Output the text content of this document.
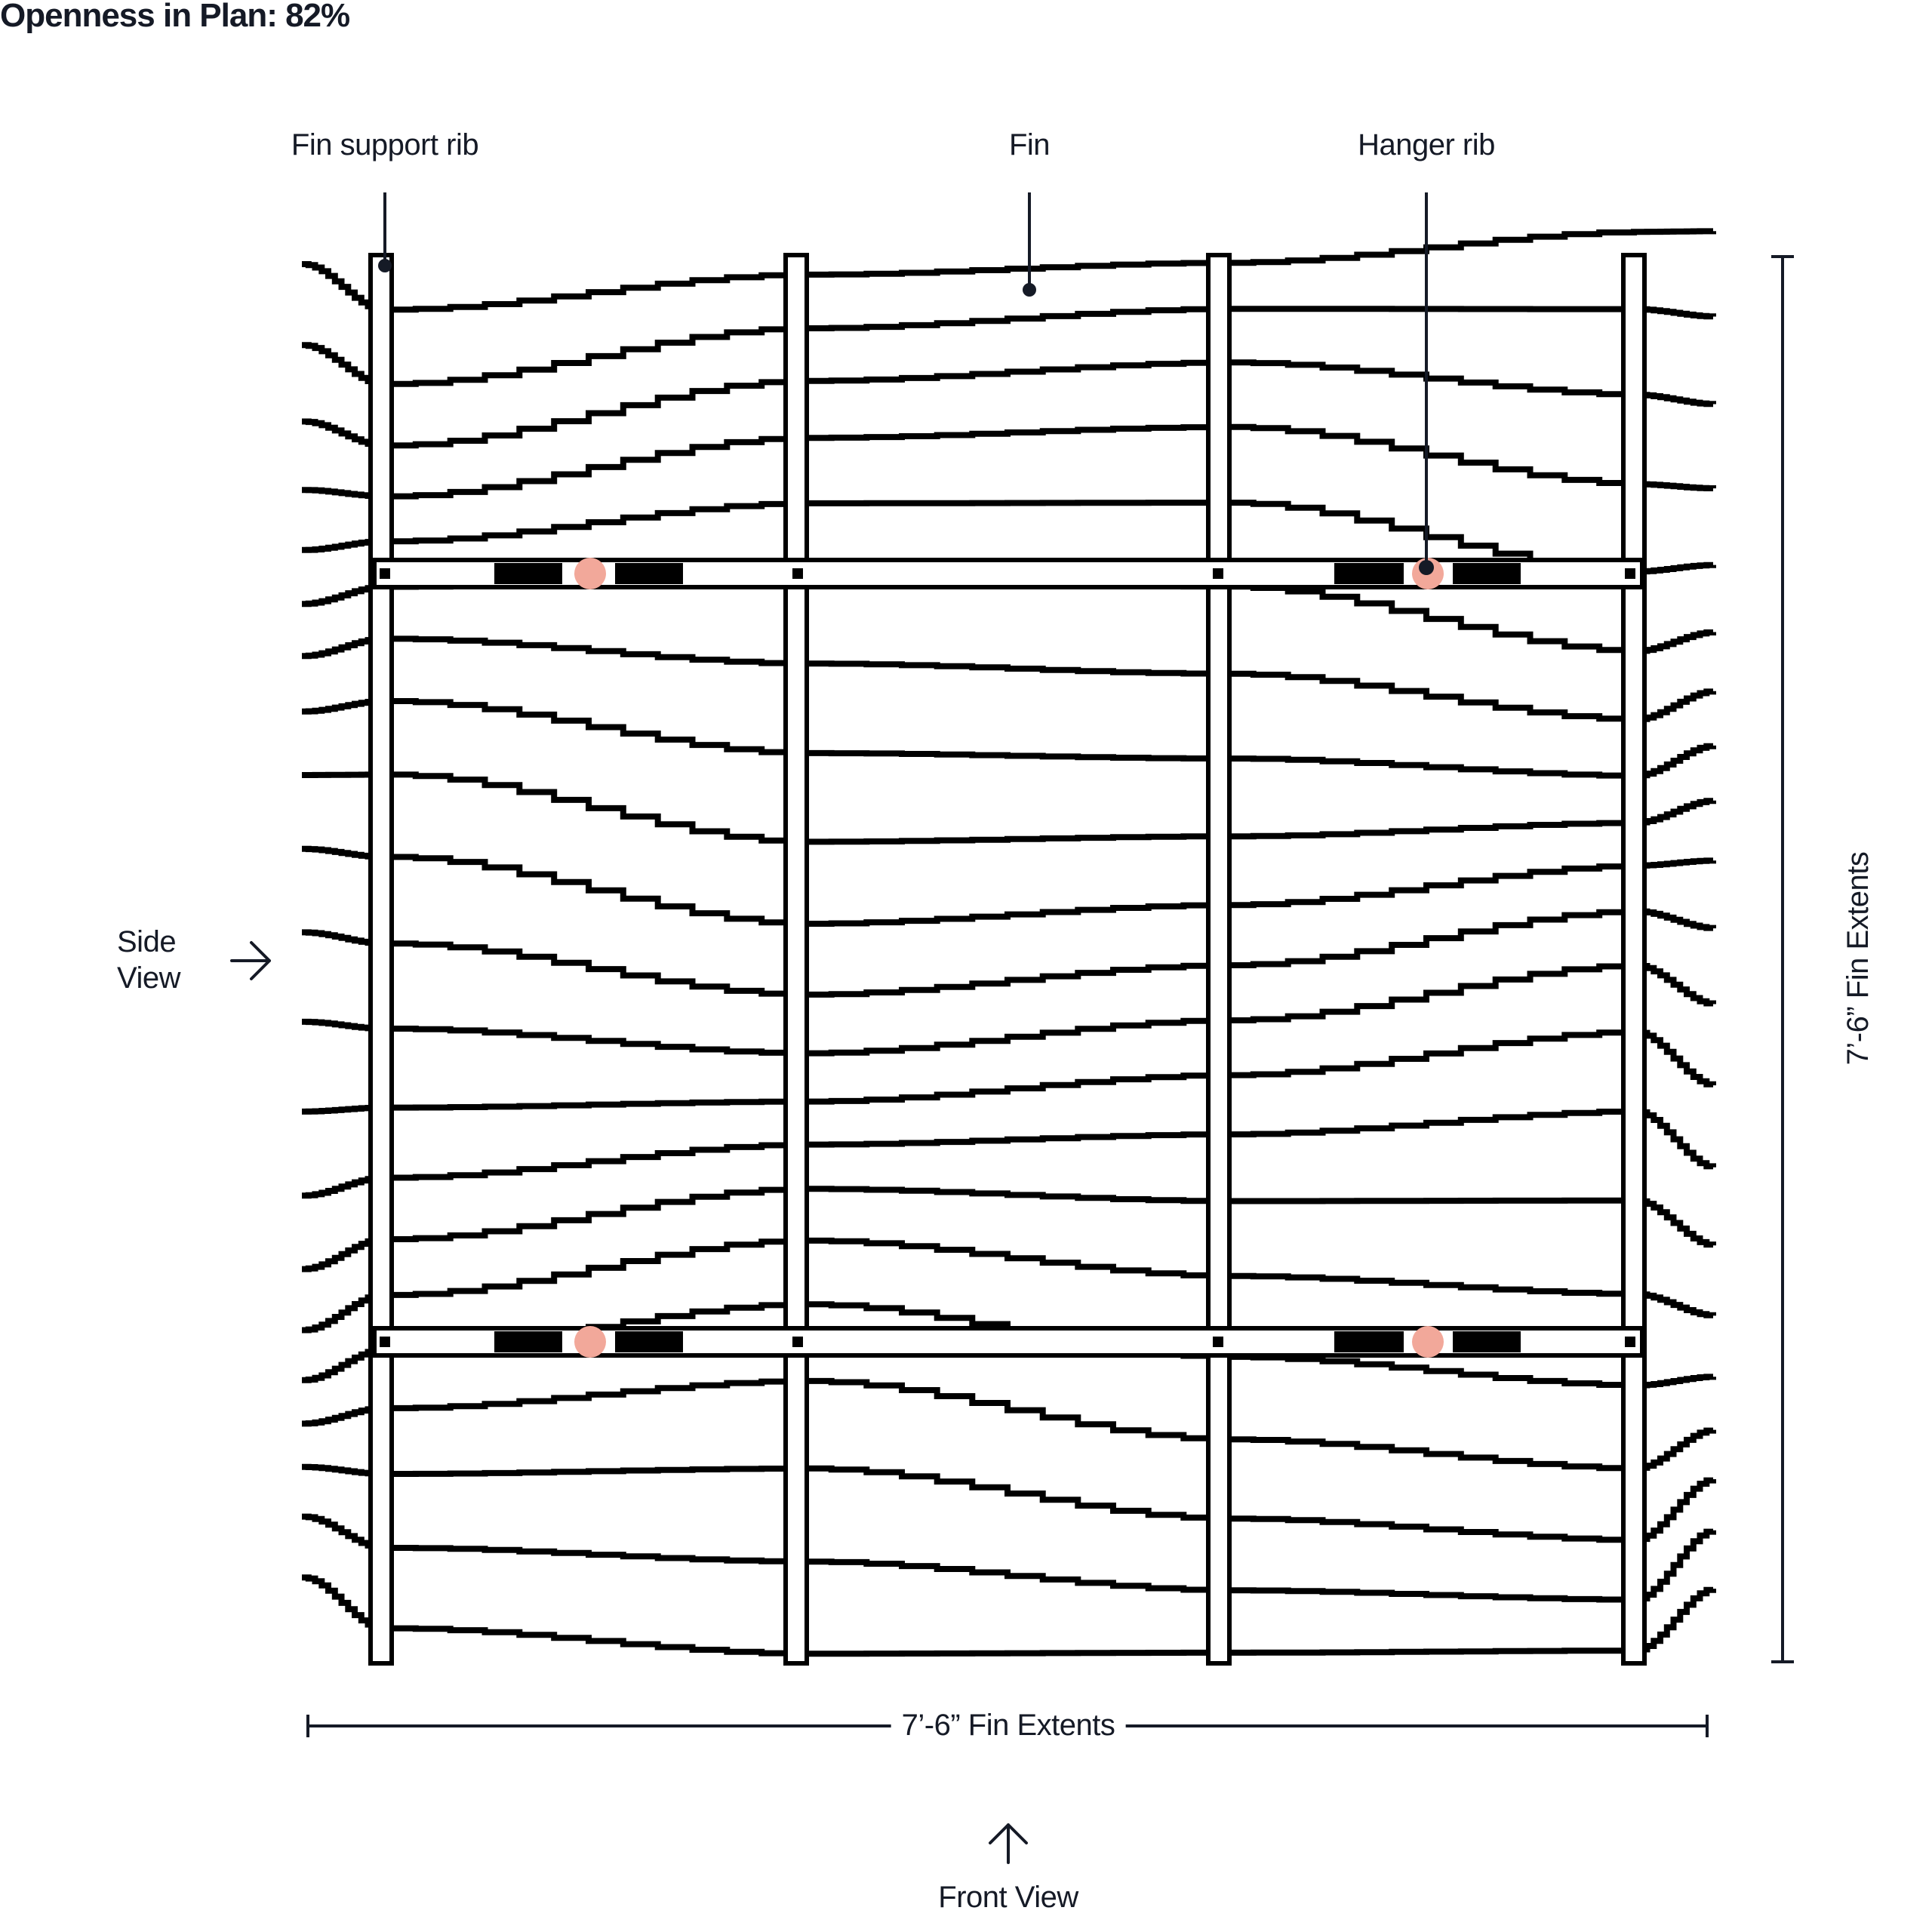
Openness in Plan: 82%
Fin support rib	Fin	Hanger rib
Side
View
Front View
7’-6” Fin Extents
7’-6” Fin Extents
